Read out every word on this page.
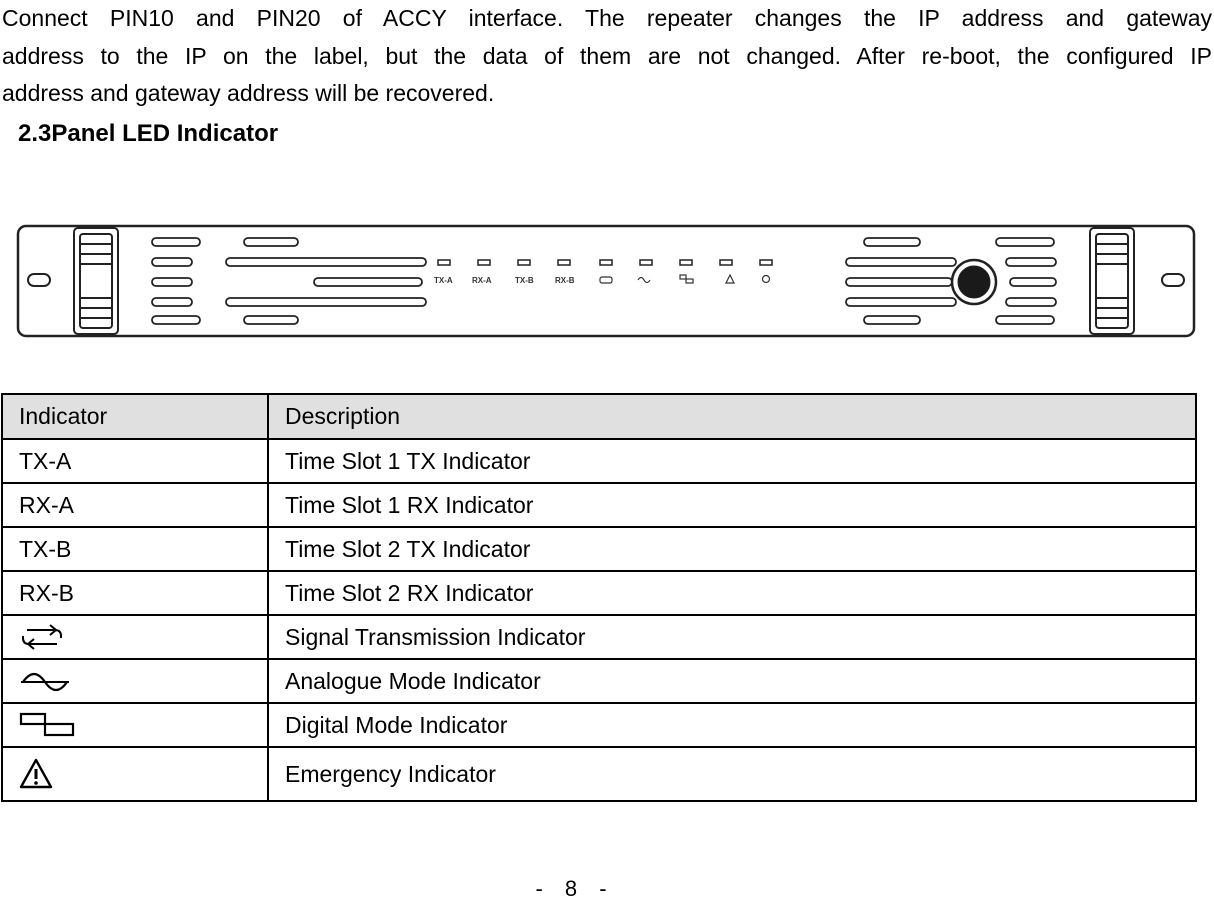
Connect PIN10 and PIN20 of ACCY interface. The repeater changes the IP address and gateway
address to the IP on the label, but the data of them are not changed. After re-boot, the configured IP
address and gateway address will be recovered.

2.3Panel LED Indicator
TX-A RX-A	TX-B	RX-B
Indicator	Description
TX-A	Time Slot 1 TX Indicator
RX-A	Time Slot 1 RX Indicator
TX-B	Time Slot 2 TX Indicator
RX-B	Time Slot 2 RX Indicator
	Signal Transmission Indicator
	Analogue Mode Indicator
	Digital Mode Indicator
	Emergency Indicator
- 8 -
